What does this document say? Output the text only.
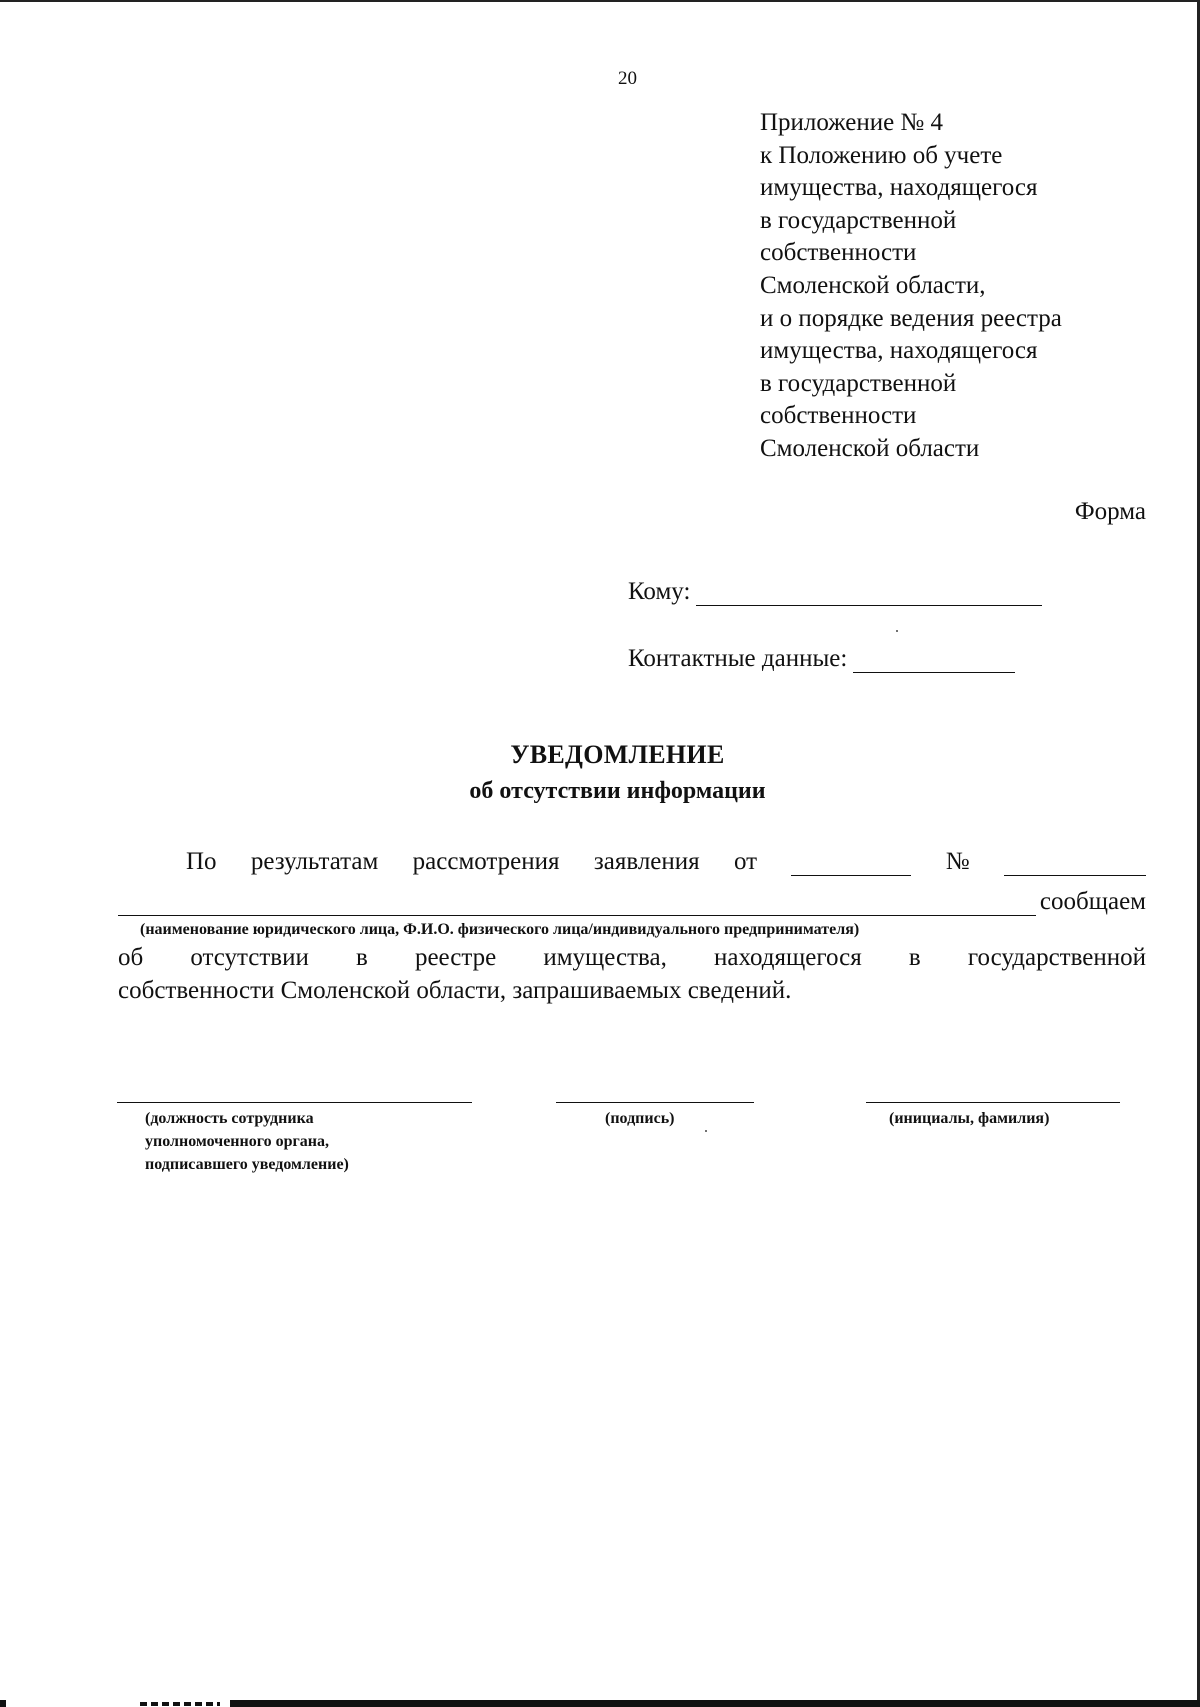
20
Приложение № 4
к Положению об учете
имущества, находящегося
в государственной
собственности
Смоленской области,
и о порядке ведения реестра
имущества, находящегося
в государственной
собственности
Смоленской области
Форма
Кому:
Контактные данные:
УВЕДОМЛЕНИЕ
об отсутствии информации
По результатам рассмотрения заявления от	№
сообщаем
(наименование юридического лица, Ф.И.О. физического лица/индивидуального предпринимателя)
об отсутствии в реестре имущества, находящегося в государственной
собственности Смоленской области, запрашиваемых сведений.
(должность сотрудника
уполномоченного органа,
подписавшего уведомление)
(подпись)	(инициалы, фамилия)
